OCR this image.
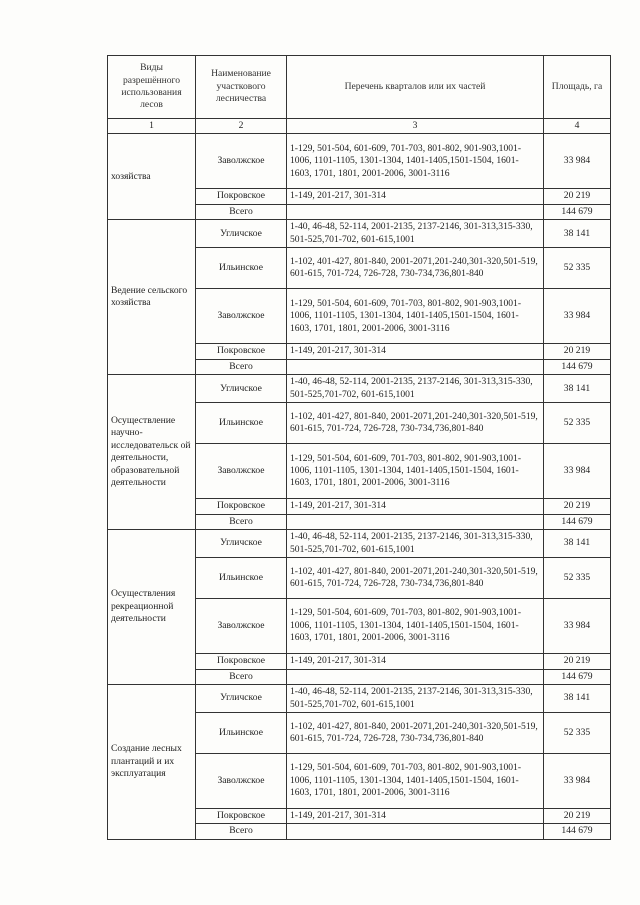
Виды разрешённого использования лесов	Наименование участкового лесничества	Перечень кварталов или их частей	Площадь, га
1	2	3	4
хозяйства	Заволжское	1-129, 501-504, 601-609, 701-703, 801-802, 901-903,1001-1006, 1101-1105, 1301-1304, 1401-1405,1501-1504, 1601-1603, 1701, 1801, 2001-2006, 3001-3116	33 984
	Покровское	1-149, 201-217, 301-314	20 219
	Всего		144 679
Ведение сельского хозяйства	Угличское	1-40, 46-48, 52-114, 2001-2135, 2137-2146, 301-313,315-330, 501-525,701-702, 601-615,1001	38 141
	Ильинское	1-102, 401-427, 801-840, 2001-2071,201-240,301-320,501-519, 601-615, 701-724, 726-728, 730-734,736,801-840	52 335
	Заволжское	1-129, 501-504, 601-609, 701-703, 801-802, 901-903,1001-1006, 1101-1105, 1301-1304, 1401-1405,1501-1504, 1601-1603, 1701, 1801, 2001-2006, 3001-3116	33 984
	Покровское	1-149, 201-217, 301-314	20 219
	Всего		144 679
Осуществление научно-исследовательск ой деятельности, образовательной деятельности	Угличское	1-40, 46-48, 52-114, 2001-2135, 2137-2146, 301-313,315-330, 501-525,701-702, 601-615,1001	38 141
	Ильинское	1-102, 401-427, 801-840, 2001-2071,201-240,301-320,501-519, 601-615, 701-724, 726-728, 730-734,736,801-840	52 335
	Заволжское	1-129, 501-504, 601-609, 701-703, 801-802, 901-903,1001-1006, 1101-1105, 1301-1304, 1401-1405,1501-1504, 1601-1603, 1701, 1801, 2001-2006, 3001-3116	33 984
	Покровское	1-149, 201-217, 301-314	20 219
	Всего		144 679
Осуществления рекреационной деятельности	Угличское	1-40, 46-48, 52-114, 2001-2135, 2137-2146, 301-313,315-330, 501-525,701-702, 601-615,1001	38 141
	Ильинское	1-102, 401-427, 801-840, 2001-2071,201-240,301-320,501-519, 601-615, 701-724, 726-728, 730-734,736,801-840	52 335
	Заволжское	1-129, 501-504, 601-609, 701-703, 801-802, 901-903,1001-1006, 1101-1105, 1301-1304, 1401-1405,1501-1504, 1601-1603, 1701, 1801, 2001-2006, 3001-3116	33 984
	Покровское	1-149, 201-217, 301-314	20 219
	Всего		144 679
Создание лесных плантаций и их эксплуатация	Угличское	1-40, 46-48, 52-114, 2001-2135, 2137-2146, 301-313,315-330, 501-525,701-702, 601-615,1001	38 141
	Ильинское	1-102, 401-427, 801-840, 2001-2071,201-240,301-320,501-519, 601-615, 701-724, 726-728, 730-734,736,801-840	52 335
	Заволжское	1-129, 501-504, 601-609, 701-703, 801-802, 901-903,1001-1006, 1101-1105, 1301-1304, 1401-1405,1501-1504, 1601-1603, 1701, 1801, 2001-2006, 3001-3116	33 984
	Покровское	1-149, 201-217, 301-314	20 219
	Всего		144 679
